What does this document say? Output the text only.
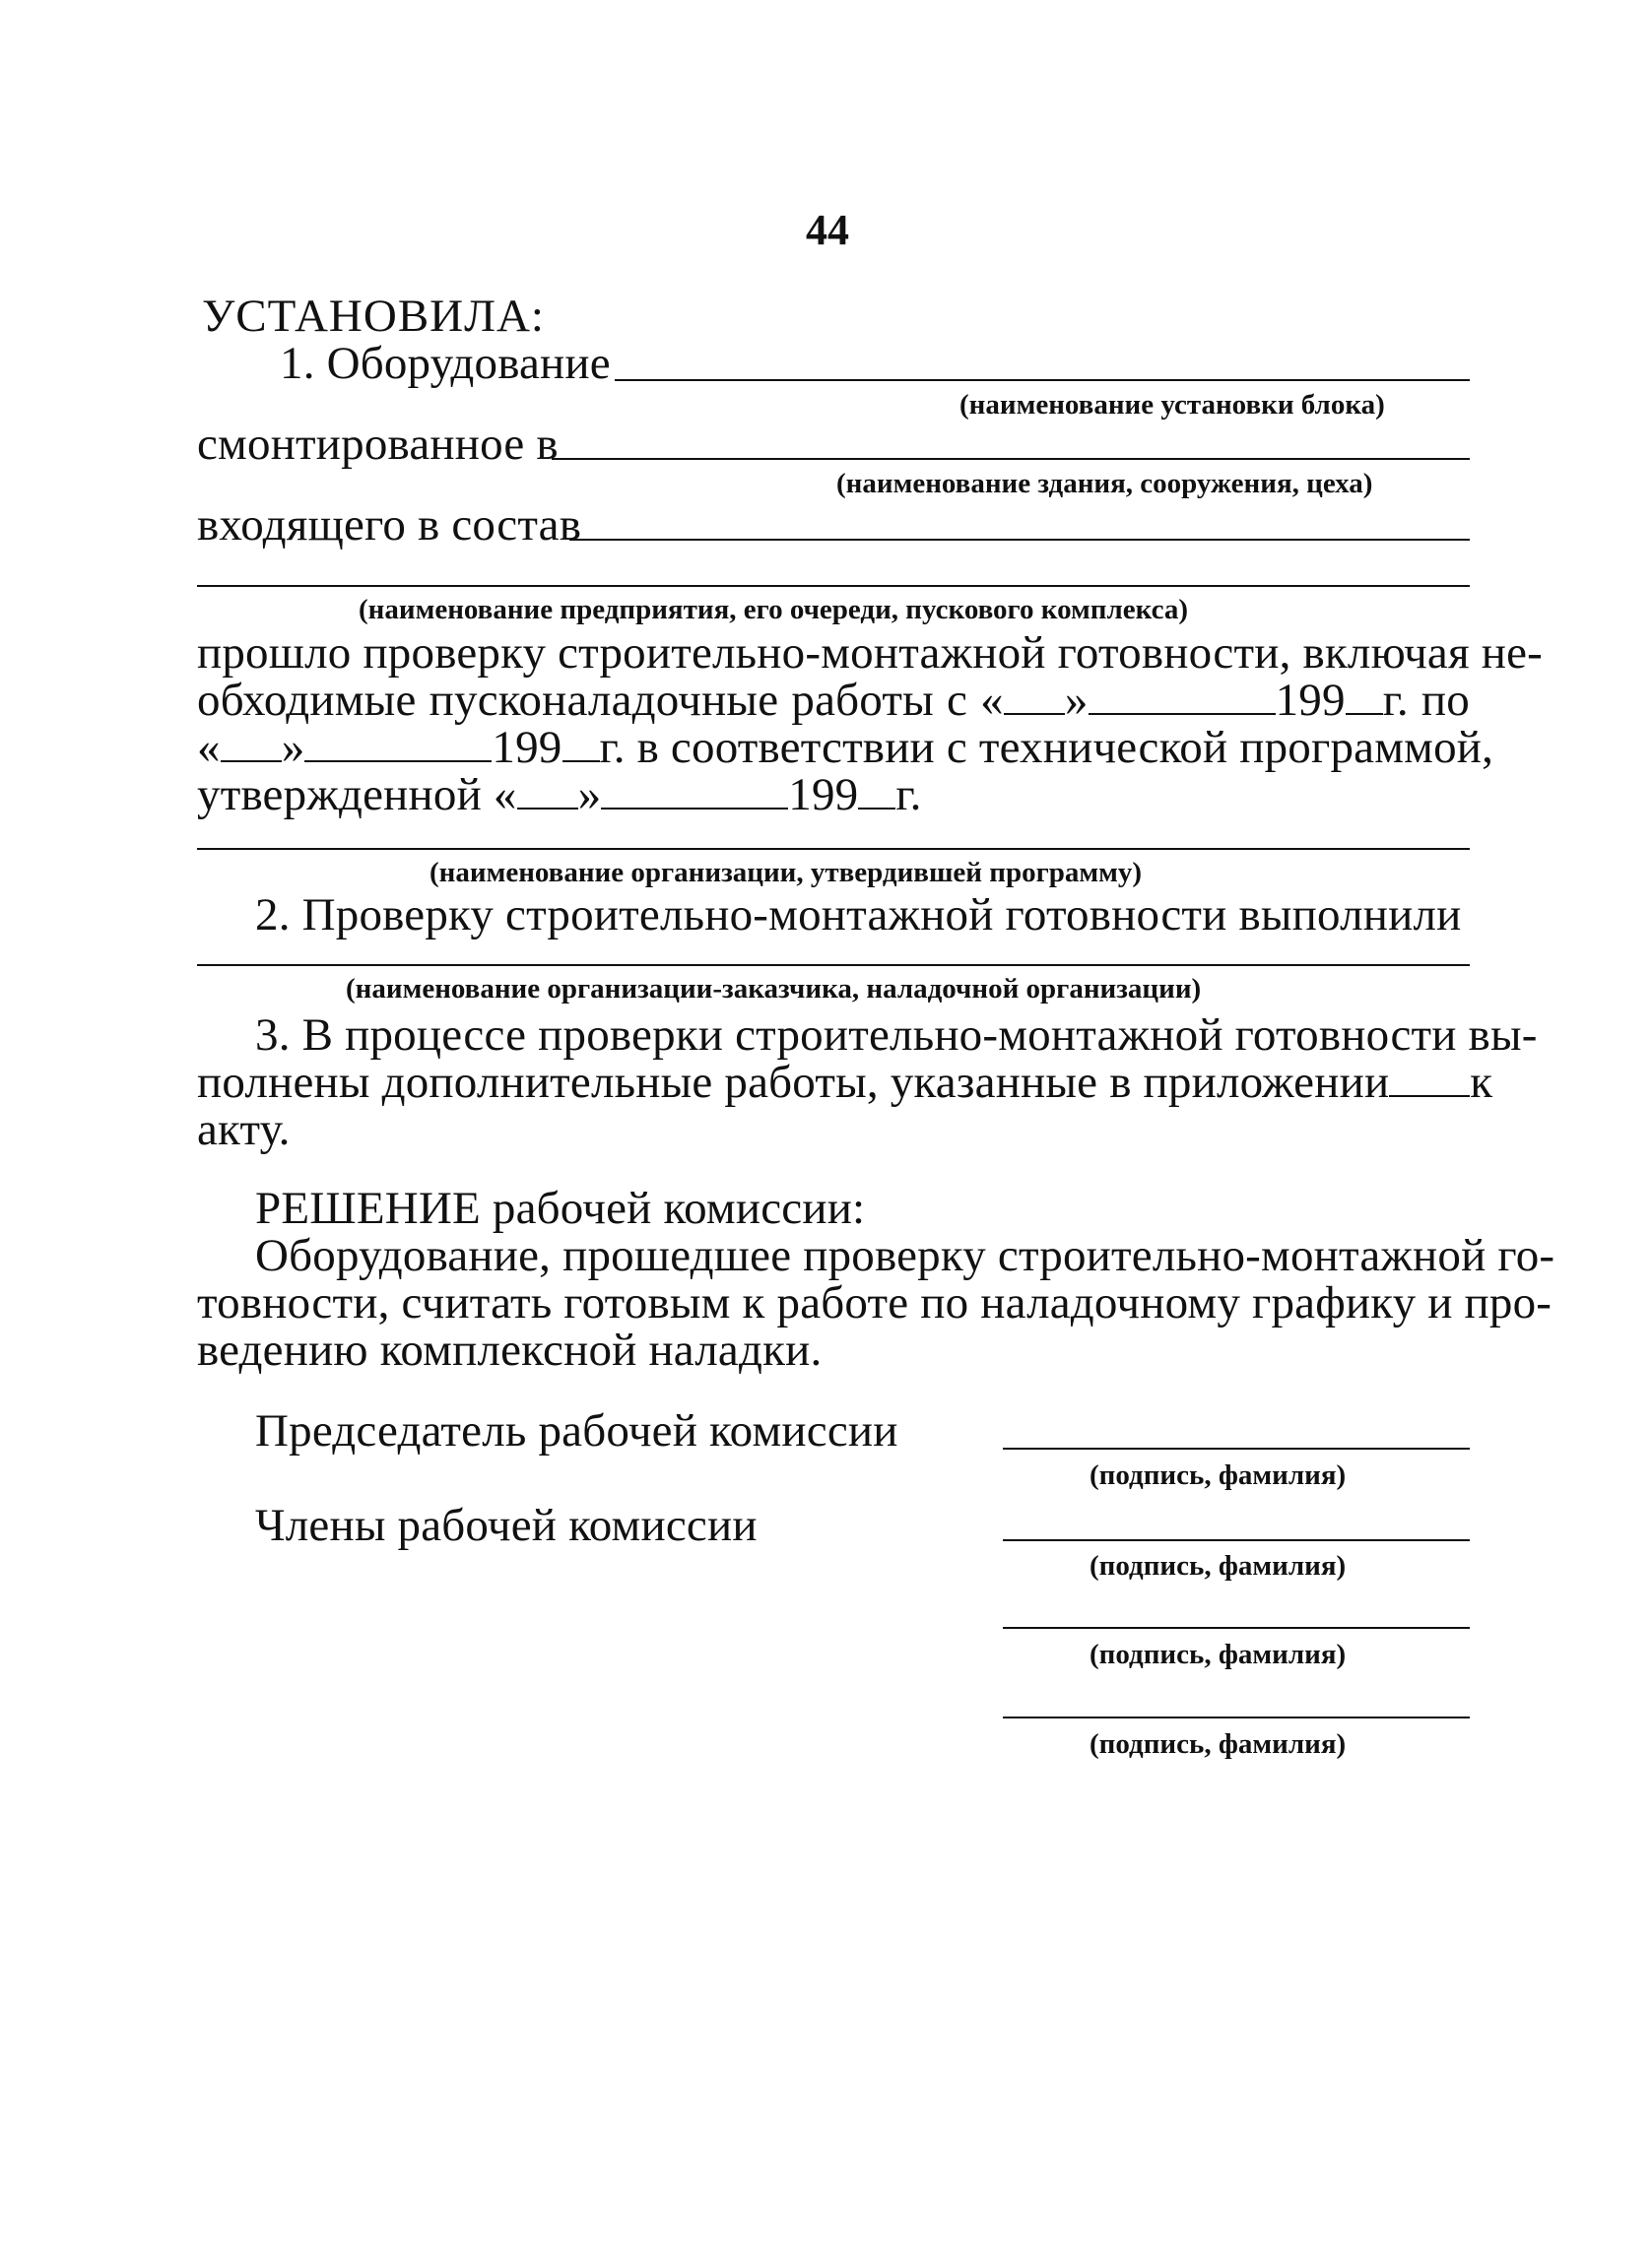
44
УСТАНОВИЛА:
1. Оборудование
(наименование установки блока)
смонтированное в
(наименование здания, сооружения, цеха)
входящего в состав
(наименование предприятия, его очереди, пускового комплекса)
прошло проверку строительно-монтажной готовности, включая не-
обходимые пусконаладочные работы с « »	199 г. по
« »	199 г. в соответствии с технической программой,
утвержденной « »	199 г.
(наименование организации, утвердившей программу)
2. Проверку строительно-монтажной готовности выполнили
(наименование организации-заказчика, наладочной организации)
3. В процессе проверки строительно-монтажной готовности вы-
полнены дополнительные работы, указанные в приложении к
акту.
РЕШЕНИЕ рабочей комиссии:
Оборудование, прошедшее проверку строительно-монтажной го-
товности, считать готовым к работе по наладочному графику и про-
ведению комплексной наладки.
Председатель рабочей комиссии
(подпись, фамилия)
Члены рабочей комиссии
(подпись, фамилия)
(подпись, фамилия)
(подпись, фамилия)
